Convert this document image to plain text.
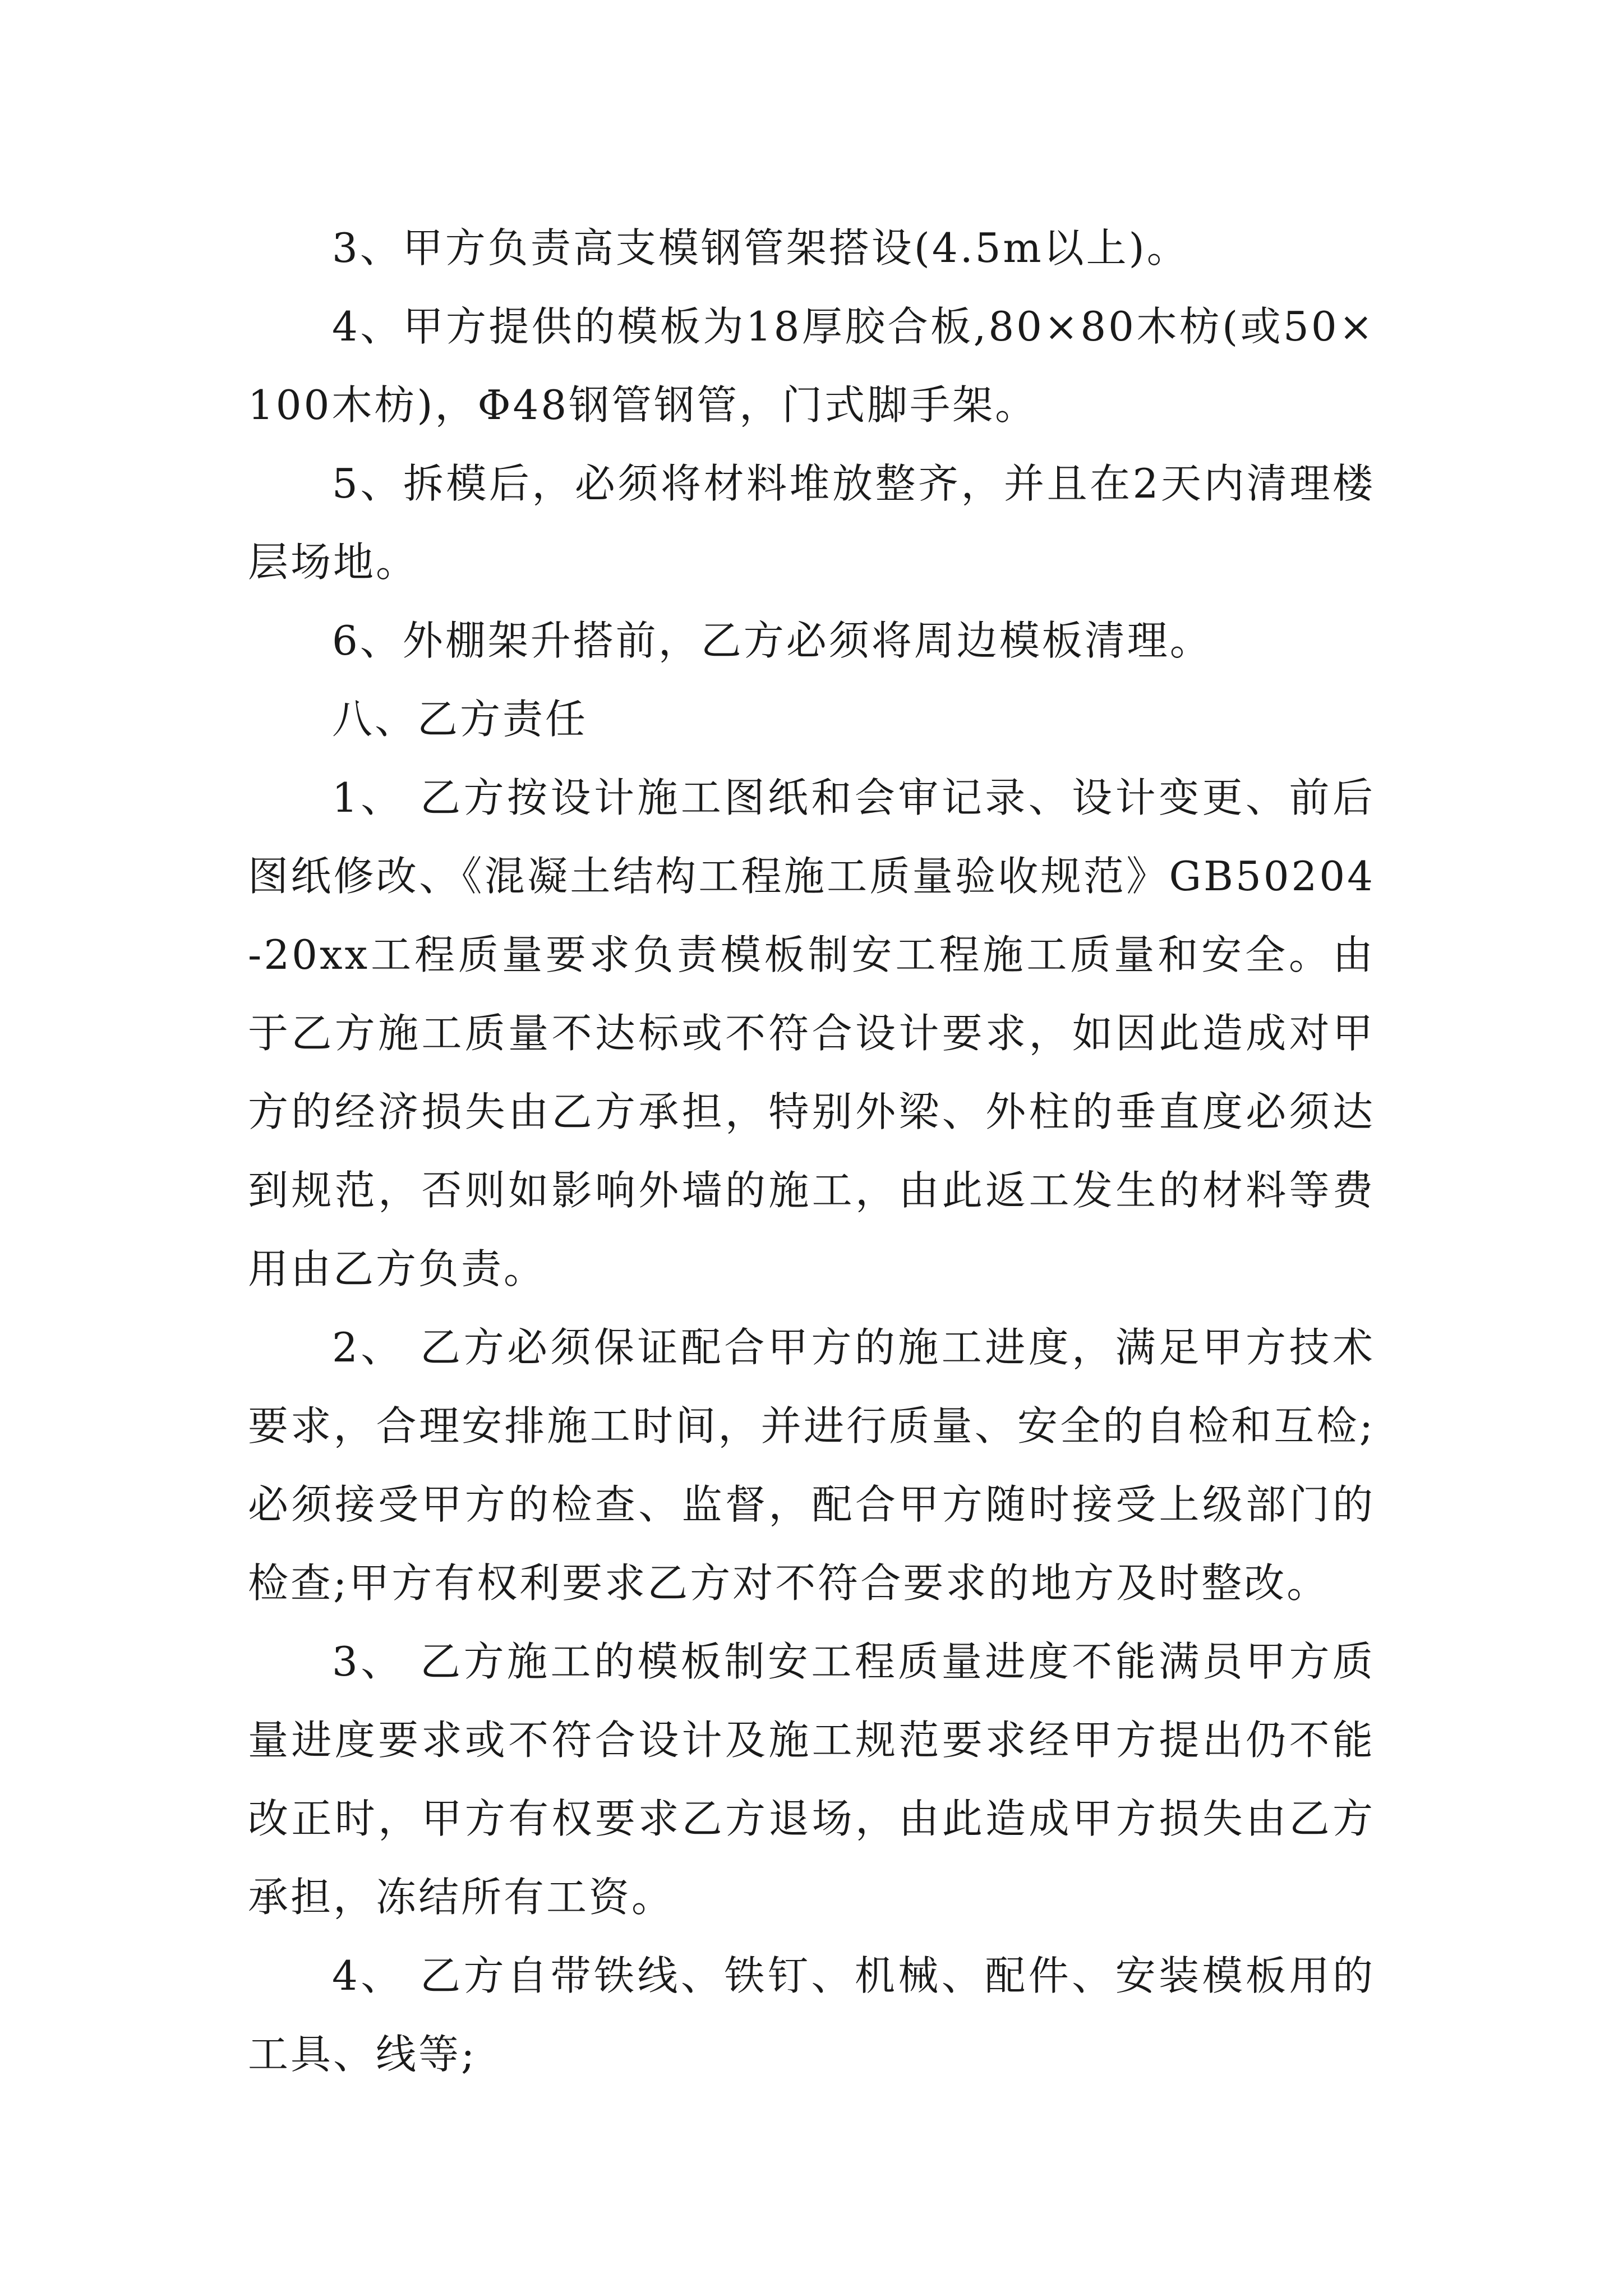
3、甲方负责高支模钢管架搭设(4.5m以上)。

4、甲方提供的模板为18厚胶合板,80×80木枋(或50×100木枋)，Φ48钢管钢管，门式脚手架。

5、拆模后，必须将材料堆放整齐，并且在2天内清理楼层场地。

6、外棚架升搭前，乙方必须将周边模板清理。

八、乙方责任

1、 乙方按设计施工图纸和会审记录、设计变更、前后图纸修改、《混凝土结构工程施工质量验收规范》GB50204-20xx工程质量要求负责模板制安工程施工质量和安全。由于乙方施工质量不达标或不符合设计要求，如因此造成对甲方的经济损失由乙方承担，特别外梁、外柱的垂直度必须达到规范，否则如影响外墙的施工，由此返工发生的材料等费用由乙方负责。

2、 乙方必须保证配合甲方的施工进度，满足甲方技术要求，合理安排施工时间，并进行质量、安全的自检和互检;必须接受甲方的检查、监督，配合甲方随时接受上级部门的检查;甲方有权利要求乙方对不符合要求的地方及时整改。

3、 乙方施工的模板制安工程质量进度不能满员甲方质量进度要求或不符合设计及施工规范要求经甲方提出仍不能改正时，甲方有权要求乙方退场，由此造成甲方损失由乙方承担，冻结所有工资。

4、 乙方自带铁线、铁钉、机械、配件、安装模板用的工具、线等;
